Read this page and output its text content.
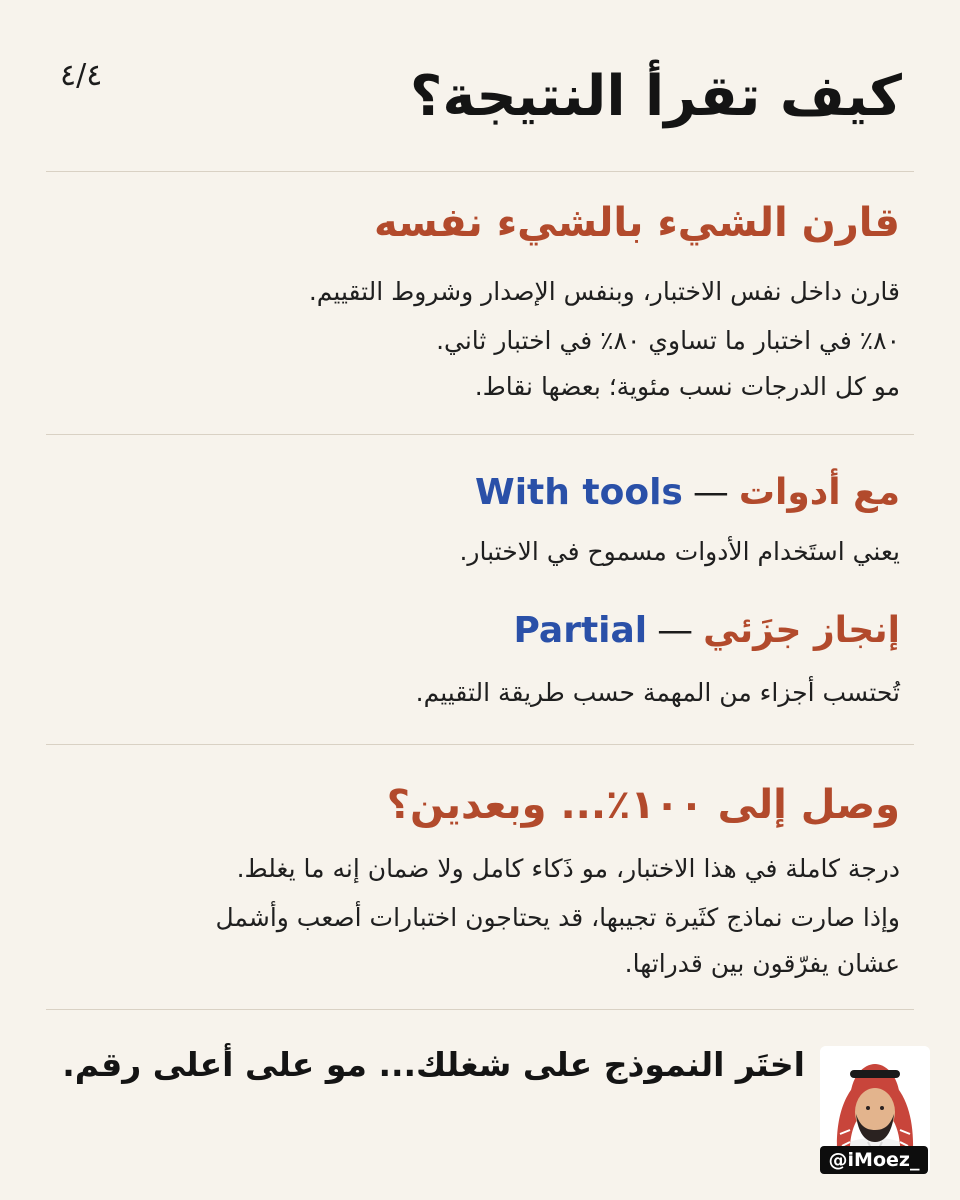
٤/٤	كيف تقرأ النتيجة؟
قارن الشيء بالشيء نفسه

قارن داخل نفس الاختبار، وبنفس الإصدار وشروط التقييم.

٨٠٪ في اختبار ما تساوي ٨٠٪ في اختبار ثاني.

مو كل الدرجات نسب مئوية؛ بعضها نقاط.

مع أدوات—With tools

يعني استَخدام الأدوات مسموح في الاختبار.

إنجاز جزَئي—Partial

تُحتسب أجزاء من المهمة حسب طريقة التقييم.

وصل إلى ١٠٠٪... وبعدين؟

درجة كاملة في هذا الاختبار، مو ذَكاء كامل ولا ضمان إنه ما يغلط.

وإذا صارت نماذج كثَيرة تجيبها، قد يحتاجون اختبارات أصعب وأشمل

عشان يفرّقون بين قدراتها.

اختَر النموذج على شغلك... مو على أعلى رقم.

@iMoez_
